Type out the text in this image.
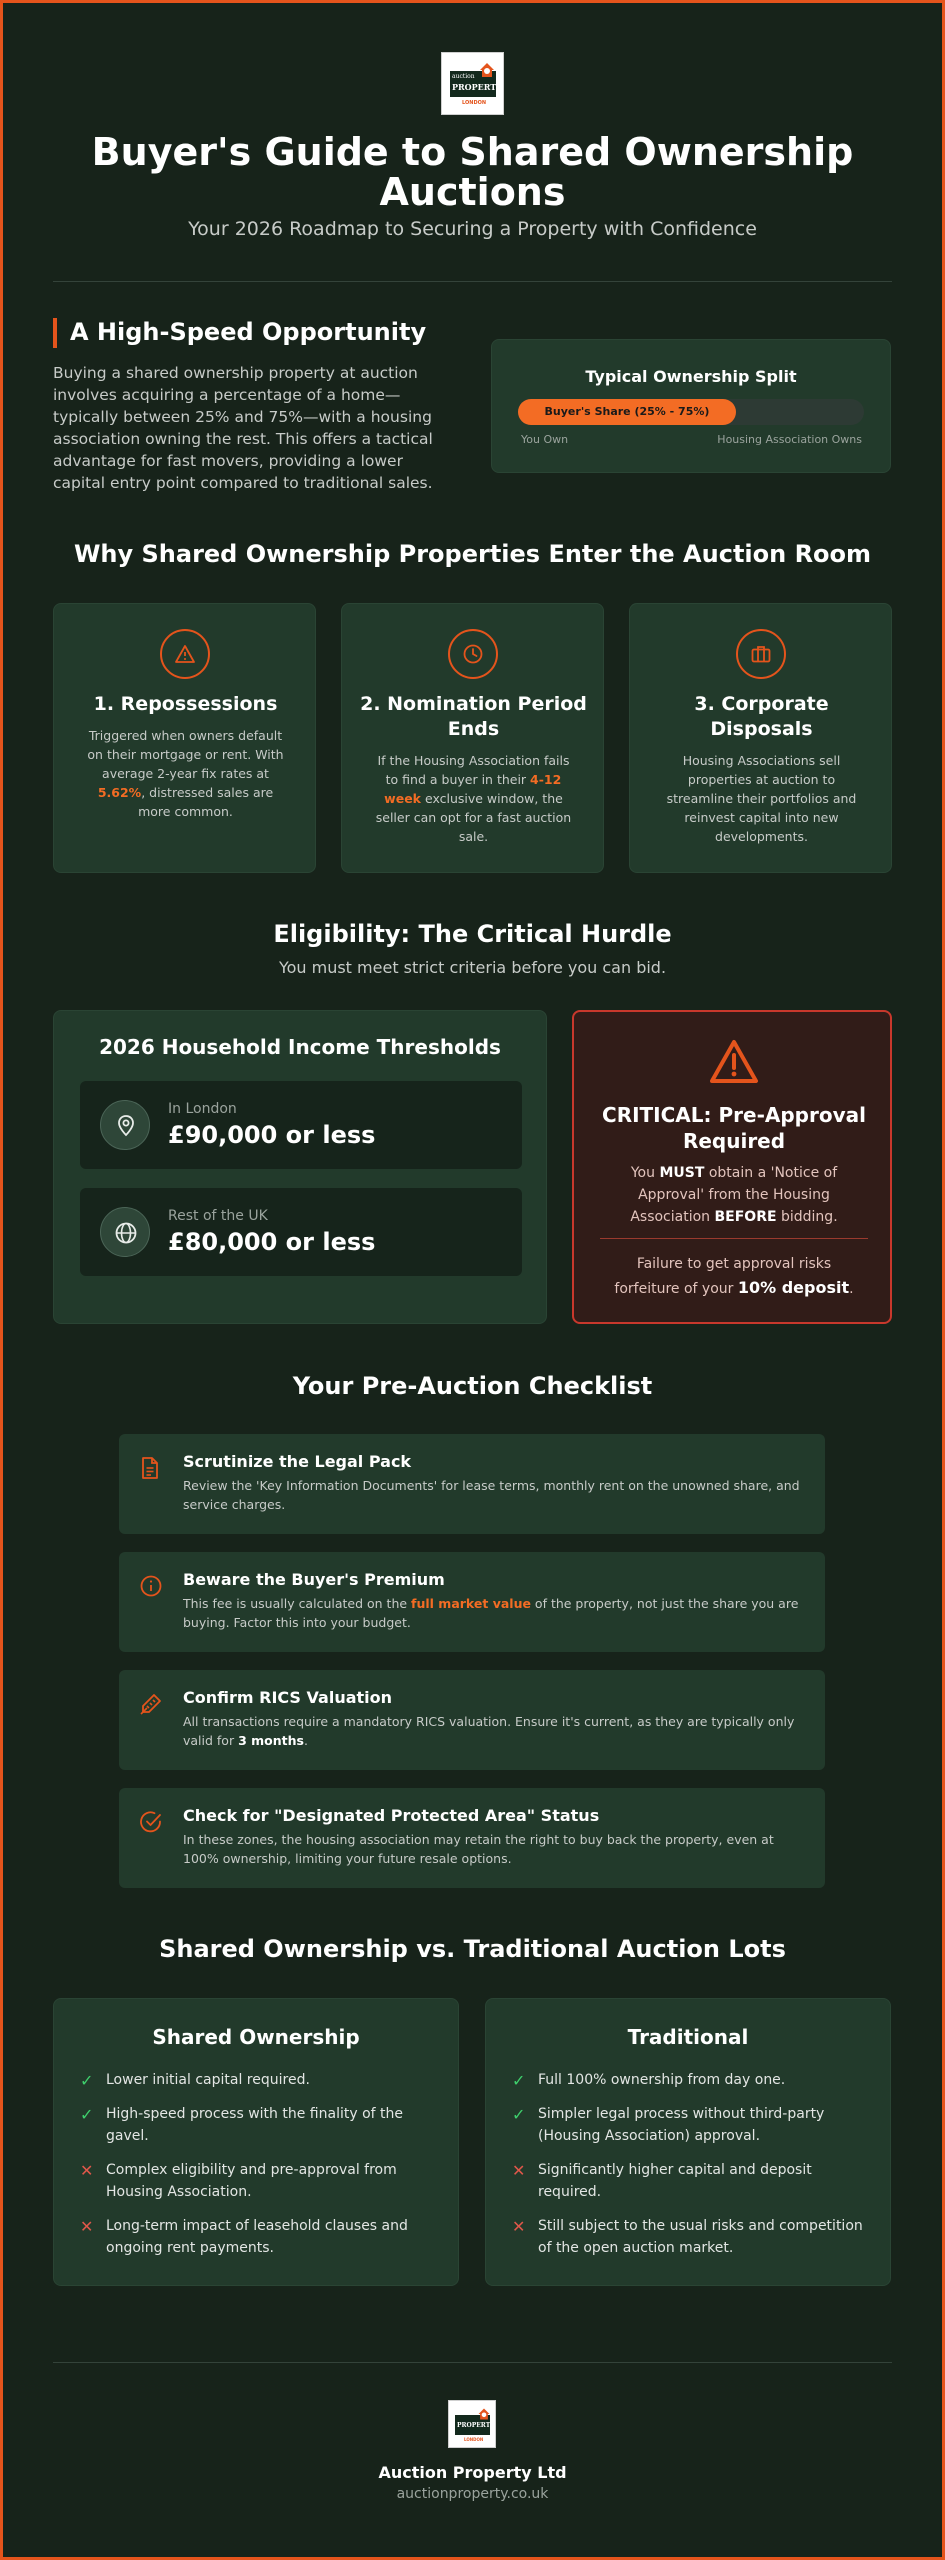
auction
PROPERTY
LONDON
Buyer's Guide to Shared Ownership Auctions
Your 2026 Roadmap to Securing a Property with Confidence
A High-Speed Opportunity
Buying a shared ownership property at auction involves acquiring a percentage of a home—typically between 25% and 75%—with a housing association owning the rest. This offers a tactical advantage for fast movers, providing a lower capital entry point compared to traditional sales.
Typical Ownership Split
Buyer's Share (25% - 75%)
You Own	Housing Association Owns
Why Shared Ownership Properties Enter the Auction Room
1. Repossessions
Triggered when owners default on their mortgage or rent. With average 2-year fix rates at 5.62%, distressed sales are more common.
2. Nomination Period Ends
If the Housing Association fails to find a buyer in their 4-12 week exclusive window, the seller can opt for a fast auction sale.
3. Corporate Disposals
Housing Associations sell properties at auction to streamline their portfolios and reinvest capital into new developments.
Eligibility: The Critical Hurdle
You must meet strict criteria before you can bid.
2026 Household Income Thresholds
In London
£90,000 or less
Rest of the UK
£80,000 or less
CRITICAL: Pre-Approval Required
You MUST obtain a 'Notice of Approval' from the Housing Association BEFORE bidding.
Failure to get approval risks forfeiture of your 10% deposit.
Your Pre-Auction Checklist
Scrutinize the Legal Pack
Review the 'Key Information Documents' for lease terms, monthly rent on the unowned share, and service charges.
Beware the Buyer's Premium
This fee is usually calculated on the full market value of the property, not just the share you are buying. Factor this into your budget.
Confirm RICS Valuation
All transactions require a mandatory RICS valuation. Ensure it's current, as they are typically only valid for 3 months.
Check for "Designated Protected Area" Status
In these zones, the housing association may retain the right to buy back the property, even at 100% ownership, limiting your future resale options.
Shared Ownership vs. Traditional Auction Lots
Shared Ownership
✓ Lower initial capital required.
✓ High-speed process with the finality of the gavel.
✕ Complex eligibility and pre-approval from Housing Association.
✕ Long-term impact of leasehold clauses and ongoing rent payments.
Traditional
✓ Full 100% ownership from day one.
✓ Simpler legal process without third-party (Housing Association) approval.
✕ Significantly higher capital and deposit required.
✕ Still subject to the usual risks and competition of the open auction market.
PROPERTY
LONDON
Auction Property Ltd
auctionproperty.co.uk
